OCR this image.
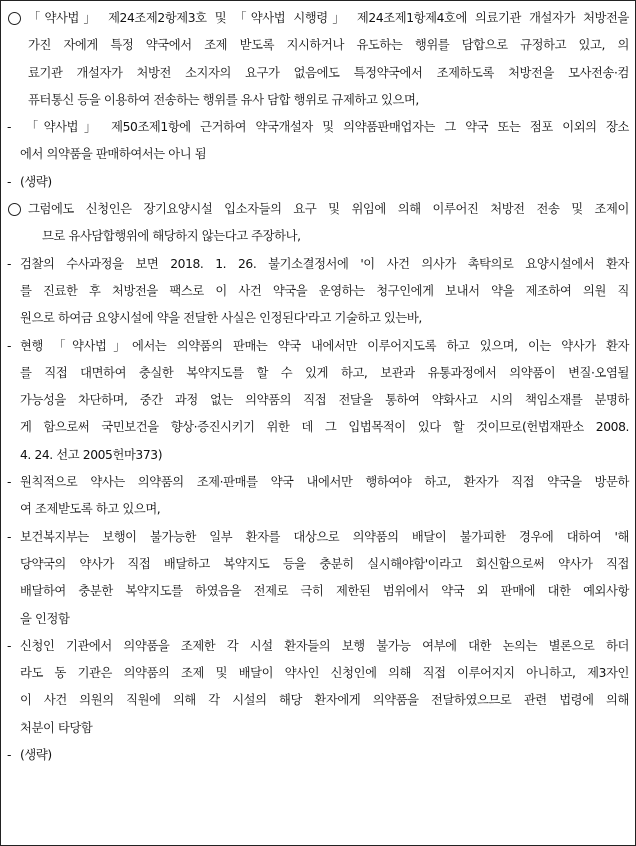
「약사법」 제24조제2항제3호 및 「약사법 시행령」 제24조제1항제4호에 의료기관 개설자가 처방전을
가진 자에게 특정 약국에서 조제 받도록 지시하거나 유도하는 행위를 담합으로 규정하고 있고, 의
료기관 개설자가 처방전 소지자의 요구가 없음에도 특정약국에서 조제하도록 처방전을 모사전송·컴
퓨터통신 등을 이용하여 전송하는 행위를 유사 담합 행위로 규제하고 있으며,
- 「약사법」 제50조제1항에 근거하여 약국개설자 및 의약품판매업자는 그 약국 또는 점포 이외의 장소
에서 의약품을 판매하여서는 아니 됨
- (생략)
그럼에도 신청인은 장기요양시설 입소자들의 요구 및 위임에 의해 이루어진 처방전 전송 및 조제이
므로 유사담합행위에 해당하지 않는다고 주장하나,
- 검찰의 수사과정을 보면 2018. 1. 26. 불기소결정서에 '이 사건 의사가 촉탁의로 요양시설에서 환자
를 진료한 후 처방전을 팩스로 이 사건 약국을 운영하는 청구인에게 보내서 약을 제조하여 의원 직
원으로 하여금 요양시설에 약을 전달한 사실은 인정된다'라고 기술하고 있는바,
- 현행 「약사법」에서는 의약품의 판매는 약국 내에서만 이루어지도록 하고 있으며, 이는 약사가 환자
를 직접 대면하여 충실한 복약지도를 할 수 있게 하고, 보관과 유통과정에서 의약품이 변질·오염될
가능성을 차단하며, 중간 과정 없는 의약품의 직접 전달을 통하여 약화사고 시의 책임소재를 분명하
게 함으로써 국민보건을 향상·증진시키기 위한 데 그 입법목적이 있다 할 것이므로(헌법재판소 2008.
4. 24. 선고 2005헌마373)
- 원칙적으로 약사는 의약품의 조제·판매를 약국 내에서만 행하여야 하고, 환자가 직접 약국을 방문하
여 조제받도록 하고 있으며,
- 보건복지부는 보행이 불가능한 일부 환자를 대상으로 의약품의 배달이 불가피한 경우에 대하여 '해
당약국의 약사가 직접 배달하고 복약지도 등을 충분히 실시해야함'이라고 회신함으로써 약사가 직접
배달하여 충분한 복약지도를 하였음을 전제로 극히 제한된 범위에서 약국 외 판매에 대한 예외사항
을 인정함
- 신청인 기관에서 의약품을 조제한 각 시설 환자들의 보행 불가능 여부에 대한 논의는 별론으로 하더
라도 동 기관은 의약품의 조제 및 배달이 약사인 신청인에 의해 직접 이루어지지 아니하고, 제3자인
이 사건 의원의 직원에 의해 각 시설의 해당 환자에게 의약품을 전달하였으므로 관련 법령에 의해
처분이 타당함
- (생략)
